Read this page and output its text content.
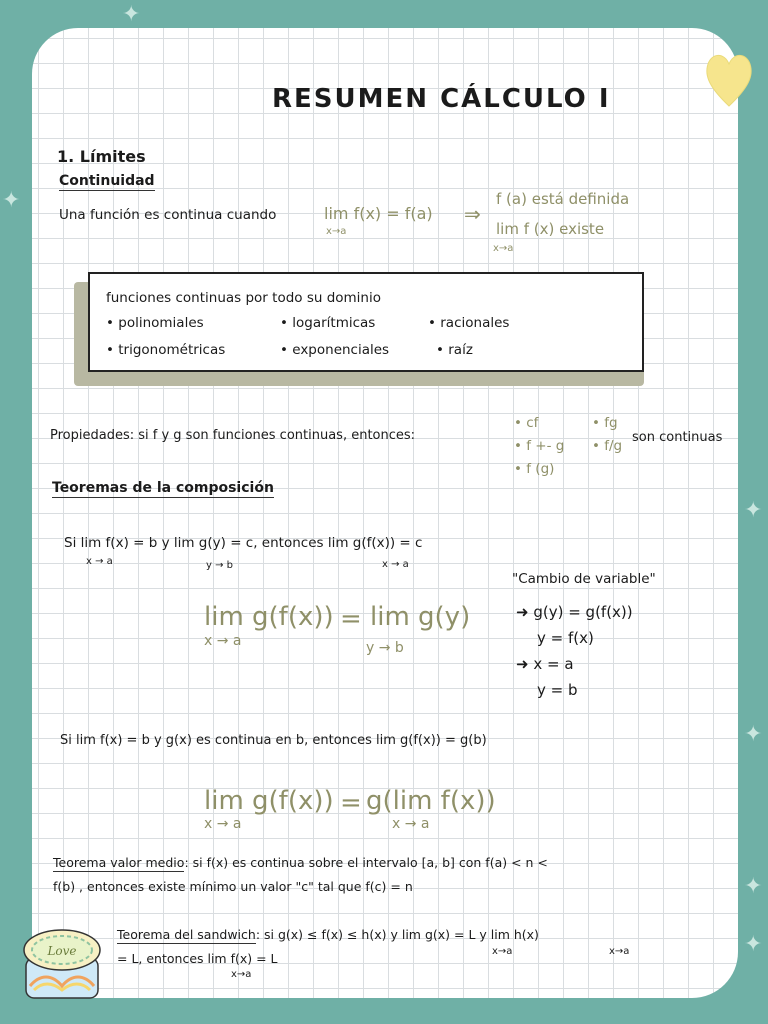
✦
✦
✦
✦
✦
✦
RESUMEN CÁLCULO I
1. Límites
Continuidad
Una función es continua cuando	lim f(x) = f(a)
x→a
⇒
f (a) está definida
lim f (x) existe
x→a
funciones continuas por todo su dominio
• polinomiales	• logarítmicas	• racionales
• trigonométricas	• exponenciales	• raíz
Propiedades: si f y g son funciones continuas, entonces:
• cf	• fg
• f +- g • f/g
• f (g)
son continuas
Teoremas de la composición
Si lim f(x) = b y lim g(y) = c, entonces lim g(f(x)) = c
x → a	y → b	x → a
lim g(f(x)) = lim g(y)
x → a	y → b
"Cambio de variable"
➜ g(y) = g(f(x))
y = f(x)
➜ x = a
y = b
Si lim f(x) = b y g(x) es continua en b, entonces lim g(f(x)) = g(b)
lim g(f(x)) = g(lim f(x))
x → a	x → a
Teorema valor medio: si f(x) es continua sobre el intervalo [a, b] con f(a) < n <
f(b) , entonces existe mínimo un valor "c" tal que f(c) = n
Teorema del sandwich: si g(x) ≤ f(x) ≤ h(x) y lim g(x) = L y lim h(x)
x→a	x→a
= L, entonces lim f(x) = L
x→a
Love
